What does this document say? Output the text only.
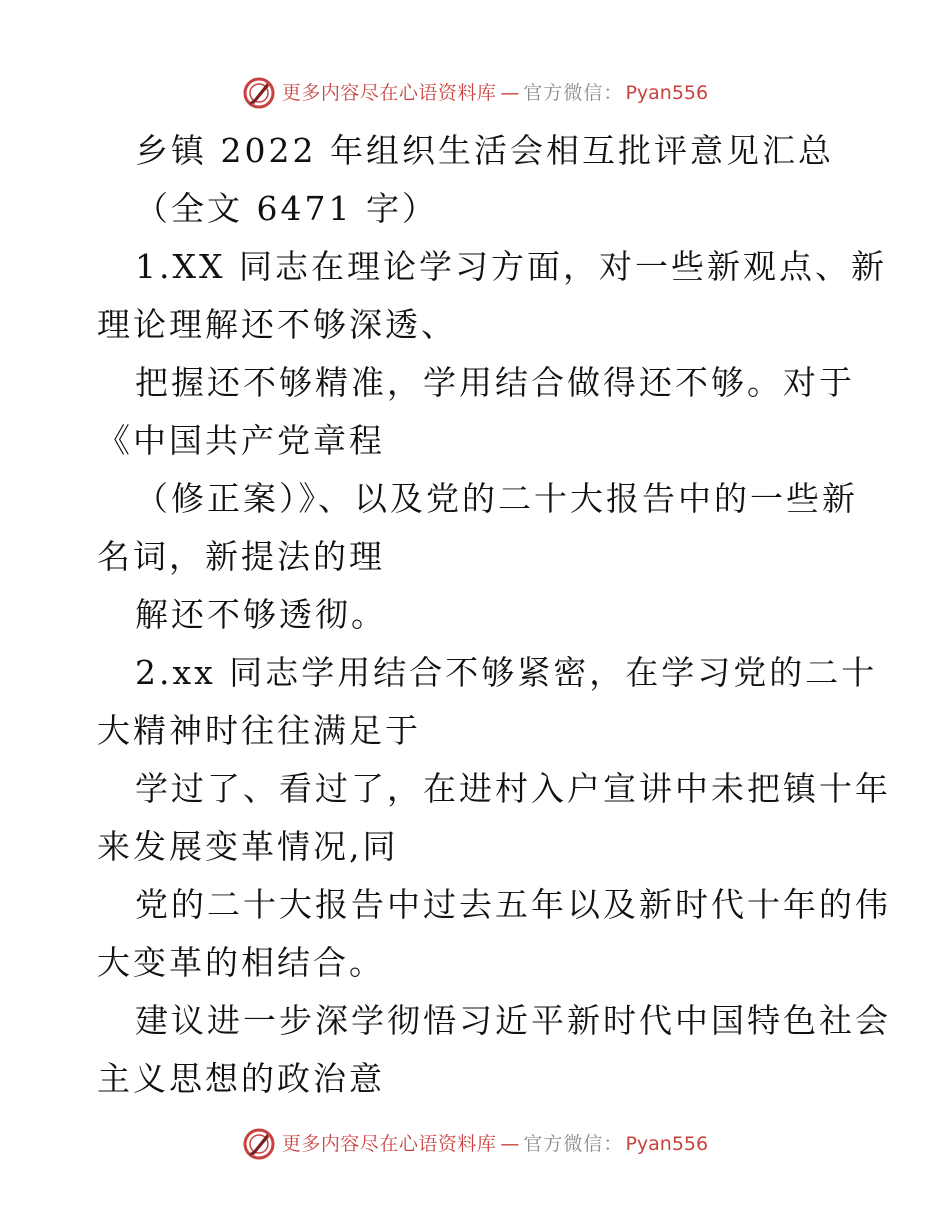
更多内容尽在心语资料库 — 官方微信： Pyan556
乡镇 2022 年组织生活会相互批评意见汇总
（全文 6471 字）
1.XX 同志在理论学习方面，对一些新观点、新
理论理解还不够深透、
把握还不够精准，学用结合做得还不够。对于
《中国共产党章程
（修正案）》、以及党的二十大报告中的一些新
名词，新提法的理
解还不够透彻。
2.xx 同志学用结合不够紧密，在学习党的二十
大精神时往往满足于
学过了、看过了，在进村入户宣讲中未把镇十年
来发展变革情况,同
党的二十大报告中过去五年以及新时代十年的伟
大变革的相结合。
建议进一步深学彻悟习近平新时代中国特色社会
主义思想的政治意
更多内容尽在心语资料库 — 官方微信： Pyan556
